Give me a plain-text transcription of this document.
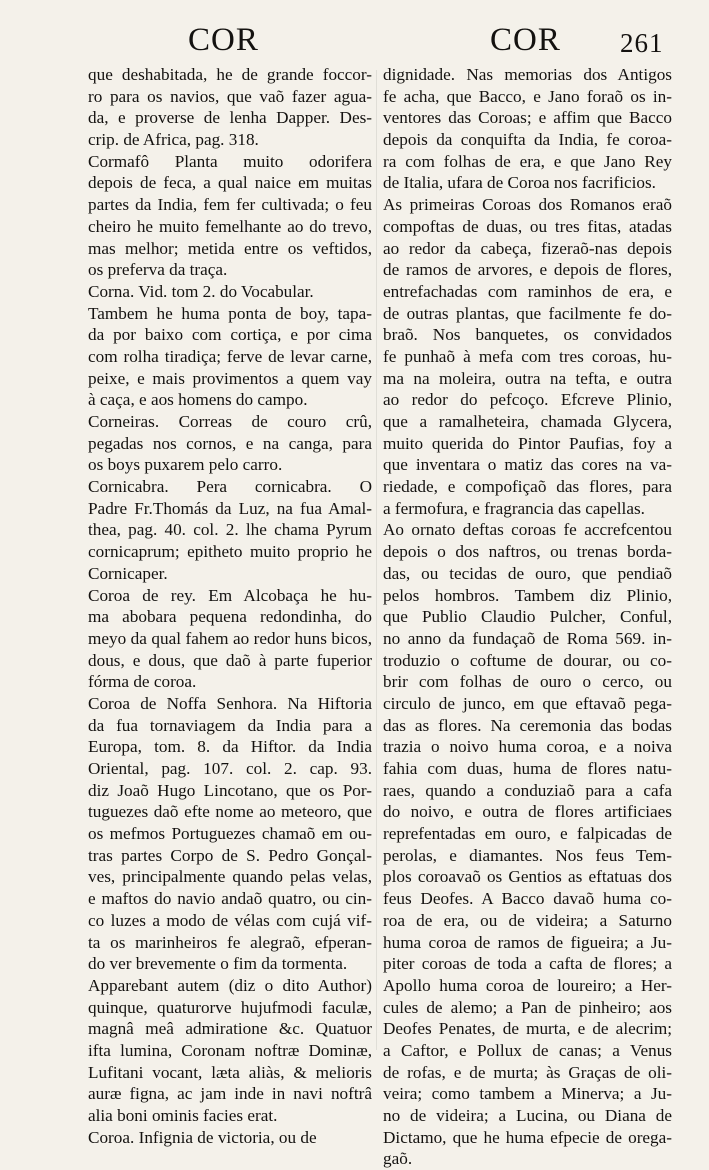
COR	COR 261
que deshabitada, he de grande foccor-
ro para os navios, que vaõ fazer agua-
da, e proverse de lenha Dapper. Des-
crip. de Africa, pag. 318.
Cormafô Planta muito odorifera
depois de feca, a qual naice em muitas
partes da India, fem fer cultivada; o feu
cheiro he muito femelhante ao do trevo,
mas melhor; metida entre os veftidos,
os preferva da traça.
Corna. Vid. tom 2. do Vocabular.
Tambem he huma ponta de boy, tapa-
da por baixo com cortiça, e por cima
com rolha tiradiça; ferve de levar carne,
peixe, e mais provimentos a quem vay
à caça, e aos homens do campo.
Corneiras. Correas de couro crû,
pegadas nos cornos, e na canga, para
os boys puxarem pelo carro.
Cornicabra. Pera cornicabra. O
Padre Fr.Thomás da Luz, na fua Amal-
thea, pag. 40. col. 2. lhe chama Pyrum
cornicaprum; epitheto muito proprio he
Cornicaper.
Coroa de rey. Em Alcobaça he hu-
ma abobara pequena redondinha, do
meyo da qual fahem ao redor huns bicos,
dous, e dous, que daõ à parte fuperior
fórma de coroa.
Coroa de Noffa Senhora. Na Hiftoria
da fua tornaviagem da India para a
Europa, tom. 8. da Hiftor. da India
Oriental, pag. 107. col. 2. cap. 93.
diz Joaõ Hugo Lincotano, que os Por-
tuguezes daõ efte nome ao meteoro, que
os mefmos Portuguezes chamaõ em ou-
tras partes Corpo de S. Pedro Gonçal-
ves, principalmente quando pelas velas,
e maftos do navio andaõ quatro, ou cin-
co luzes a modo de vélas com cujá vif-
ta os marinheiros fe alegraõ, efperan-
do ver brevemente o fim da tormenta.
Apparebant autem (diz o dito Author)
quinque, quaturorve hujufmodi faculæ,
magnâ meâ admiratione &c. Quatuor
ifta lumina, Coronam noftræ Dominæ,
Lufitani vocant, læta aliàs, & melioris
auræ figna, ac jam inde in navi noftrâ
alia boni ominis facies erat.
Coroa. Infignia de victoria, ou de
dignidade. Nas memorias dos Antigos
fe acha, que Bacco, e Jano foraõ os in-
ventores das Coroas; e affim que Bacco
depois da conquifta da India, fe coroa-
ra com folhas de era, e que Jano Rey
de Italia, ufara de Coroa nos facrificios.
As primeiras Coroas dos Romanos eraõ
compoftas de duas, ou tres fitas, atadas
ao redor da cabeça, fizeraõ-nas depois
de ramos de arvores, e depois de flores,
entrefachadas com raminhos de era, e
de outras plantas, que facilmente fe do-
braõ. Nos banquetes, os convidados
fe punhaõ à mefa com tres coroas, hu-
ma na moleira, outra na tefta, e outra
ao redor do pefcoço. Efcreve Plinio,
que a ramalheteira, chamada Glycera,
muito querida do Pintor Paufias, foy a
que inventara o matiz das cores na va-
riedade, e compofiçaõ das flores, para
a fermofura, e fragrancia das capellas.
Ao ornato deftas coroas fe accrefcentou
depois o dos naftros, ou trenas borda-
das, ou tecidas de ouro, que pendiaõ
pelos hombros. Tambem diz Plinio,
que Publio Claudio Pulcher, Conful,
no anno da fundaçaõ de Roma 569. in-
troduzio o coftume de dourar, ou co-
brir com folhas de ouro o cerco, ou
circulo de junco, em que eftavaõ pega-
das as flores. Na ceremonia das bodas
trazia o noivo huma coroa, e a noiva
fahia com duas, huma de flores natu-
raes, quando a conduziaõ para a cafa
do noivo, e outra de flores artificiaes
reprefentadas em ouro, e falpicadas de
perolas, e diamantes. Nos feus Tem-
plos coroavaõ os Gentios as eftatuas dos
feus Deofes. A Bacco davaõ huma co-
roa de era, ou de videira; a Saturno
huma coroa de ramos de figueira; a Ju-
piter coroas de toda a cafta de flores; a
Apollo huma coroa de loureiro; a Her-
cules de alemo; a Pan de pinheiro; aos
Deofes Penates, de murta, e de alecrim;
a Caftor, e Pollux de canas; a Venus
de rofas, e de murta; às Graças de oli-
veira; como tambem a Minerva; a Ju-
no de videira; a Lucina, ou Diana de
Dictamo, que he huma efpecie de orega-
gaõ.
